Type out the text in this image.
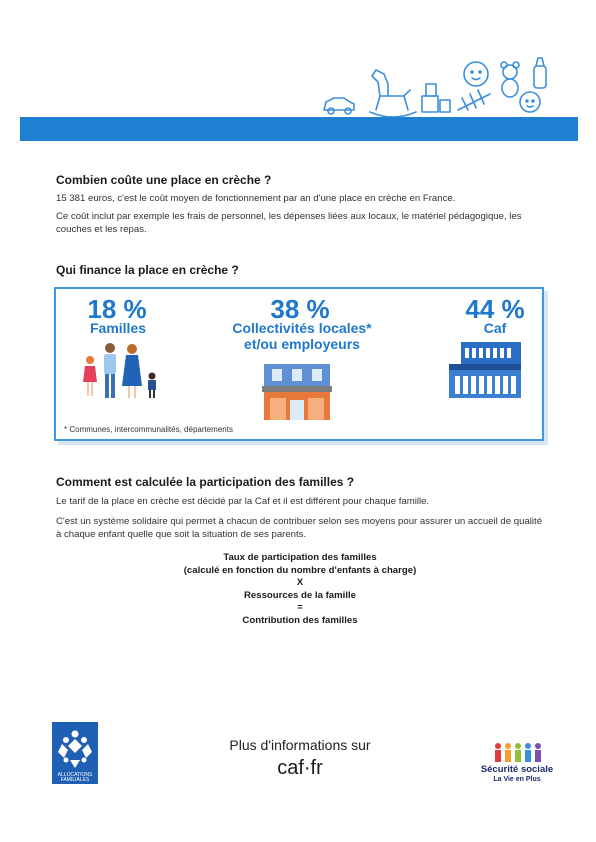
Combien coûte une place en crèche ?

15 381 euros, c'est le coût moyen de fonctionnement par an d'une place en crèche en France.

Ce coût inclut par exemple les frais de personnel, les dépenses liées aux locaux, le matériel pédagogique, les couches et les repas.

Qui finance la place en crèche ?
18 %
Familles
38 %
Collectivités locales*
et/ou employeurs
44 %
Caf
* Communes, intercommunalités, départements
Comment est calculée la participation des familles ?

Le tarif de la place en crèche est décidé par la Caf et il est différent pour chaque famille.

C'est un système solidaire qui permet à chacun de contribuer selon ses moyens pour assurer un accueil de qualité à chaque enfant quelle que soit la situation de ses parents.

Taux de participation des familles
(calculé en fonction du nombre d'enfants à charge)
X
Ressources de la famille
=
Contribution des familles
ALLOCATIONS
FAMILIALES
Plus d'informations sur
caf·fr	Sécurité sociale
La Vie en Plus
